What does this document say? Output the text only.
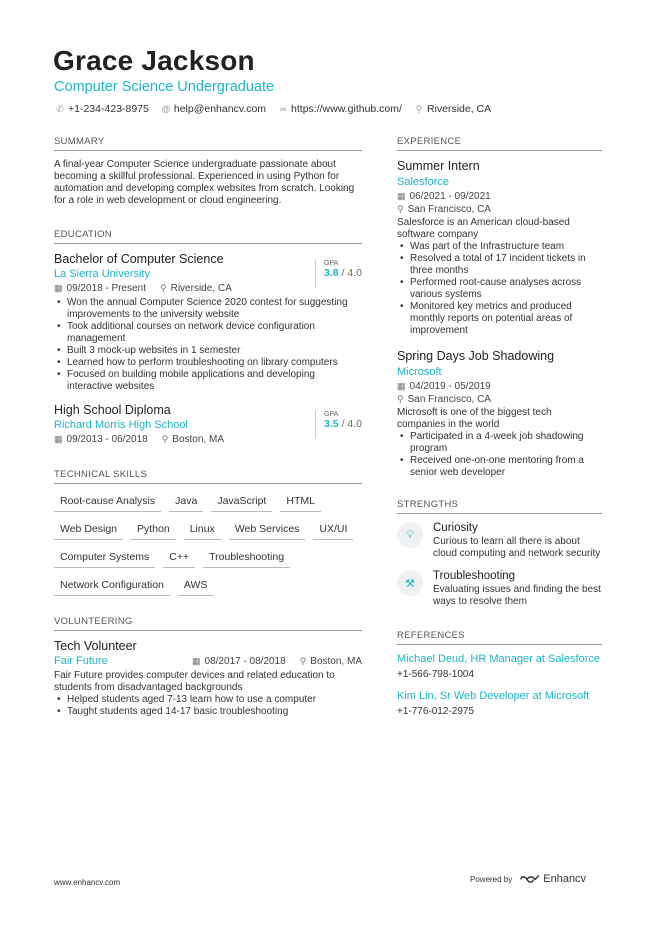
Grace Jackson
Computer Science Undergraduate
✆ +1-234-423-8975 @ help@enhancv.com ∞ https://www.github.com/ ⚲ Riverside, CA
SUMMARY
A final-year Computer Science undergraduate passionate about becoming a skillful professional. Experienced in using Python for automation and developing complex websites from scratch. Looking for a role in web development or cloud engineering.
EDUCATION
Bachelor of Computer Science
La Sierra University
▦ 09/2018 - Present ⚲ Riverside, CA
GPA
3.8 / 4.0
• Won the annual Computer Science 2020 contest for suggesting improvements to the university website
• Took additional courses on network device configuration management
• Built 3 mock-up websites in 1 semester
• Learned how to perform troubleshooting on library computers
• Focused on building mobile applications and developing interactive websites
High School Diploma
Richard Morris High School
▦ 09/2013 - 06/2018 ⚲ Boston, MA
GPA
3.5 / 4.0
TECHNICAL SKILLS
Root-cause Analysis	Java	JavaScript	HTML
Web Design	Python	Linux	Web Services	UX/UI
Computer Systems	C++	Troubleshooting
Network Configuration	AWS
VOLUNTEERING
Tech Volunteer
Fair Future	▦ 08/2017 - 08/2018 ⚲ Boston, MA
Fair Future provides computer devices and related education to students from disadvantaged backgrounds
• Helped students aged 7-13 learn how to use a computer
• Taught students aged 14-17 basic troubleshooting
EXPERIENCE
Summer Intern
Salesforce
▦ 06/2021 - 09/2021
⚲ San Francisco, CA
Salesforce is an American cloud-based software company
• Was part of the Infrastructure team
• Resolved a total of 17 incident tickets in three months
• Performed root-cause analyses across various systems
• Monitored key metrics and produced monthly reports on potential areas of improvement
Spring Days Job Shadowing
Microsoft
▦ 04/2019 - 05/2019
⚲ San Francisco, CA
Microsoft is one of the biggest tech companies in the world
• Participated in a 4-week job shadowing program
• Received one-on-one mentoring from a senior web developer
STRENGTHS
💡︎
Curiosity
Curious to learn all there is about cloud computing and network security
⚒
Troubleshooting
Evaluating issues and finding the best ways to resolve them
REFERENCES
Michael Deud, HR Manager at Salesforce
+1-566-798-1004
Kim Lin, Sr Web Developer at Microsoft
+1-776-012-2975
www.enhancv.com	Powered by	Enhancv
